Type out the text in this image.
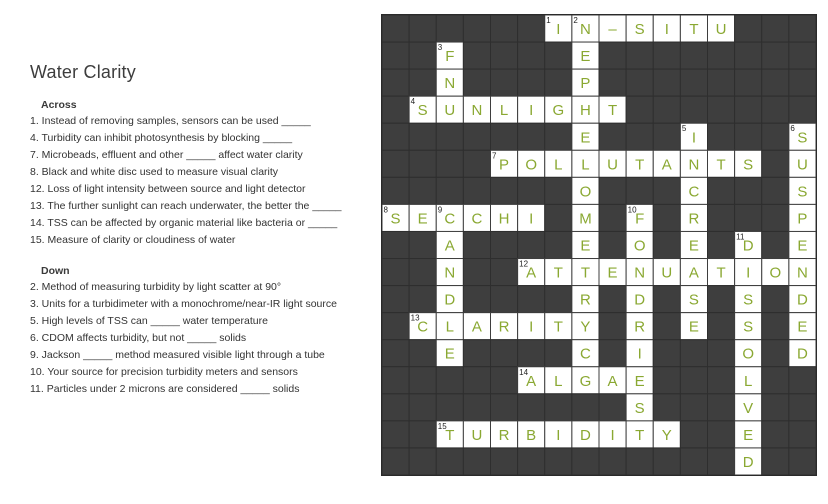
Water Clarity
Across
1. Instead of removing samples, sensors can be used _____
4. Turbidity can inhibit photosynthesis by blocking _____
7. Microbeads, effluent and other _____ affect water clarity
8. Black and white disc used to measure visual clarity
12. Loss of light intensity between source and light detector
13. The further sunlight can reach underwater, the better the _____
14. TSS can be affected by organic material like bacteria or _____
15. Measure of clarity or cloudiness of water
Down
2. Method of measuring turbidity by light scatter at 90°
3. Units for a turbidimeter with a monochrome/near-IR light source
5. High levels of TSS can _____ water temperature
6. CDOM affects turbidity, but not _____ solids
9. Jackson _____ method measured visible light through a tube
10. Your source for precision turbidity meters and sensors
11. Particles under 2 microns are considered _____ solids
I N – S I T U
E
P
H
E
L
O
M
E
T
R
Y
C
F
N
U
S	N L I G	T
I
N
C
R
E
A
S
E
S
U
S
P
E
N
D
E
D
P O L	U T A	T S
S E C C H I
A
N
D
L
E
F
O
N
D
R
I
E
S
T
D
I
S
S
O
L
V
E
D
A T	E	U	T	O
C	A R I T
A L G A
T U R B I D I	Y
1	2
3
4
5	6
7
8	9	10
11
12
13
14
15
